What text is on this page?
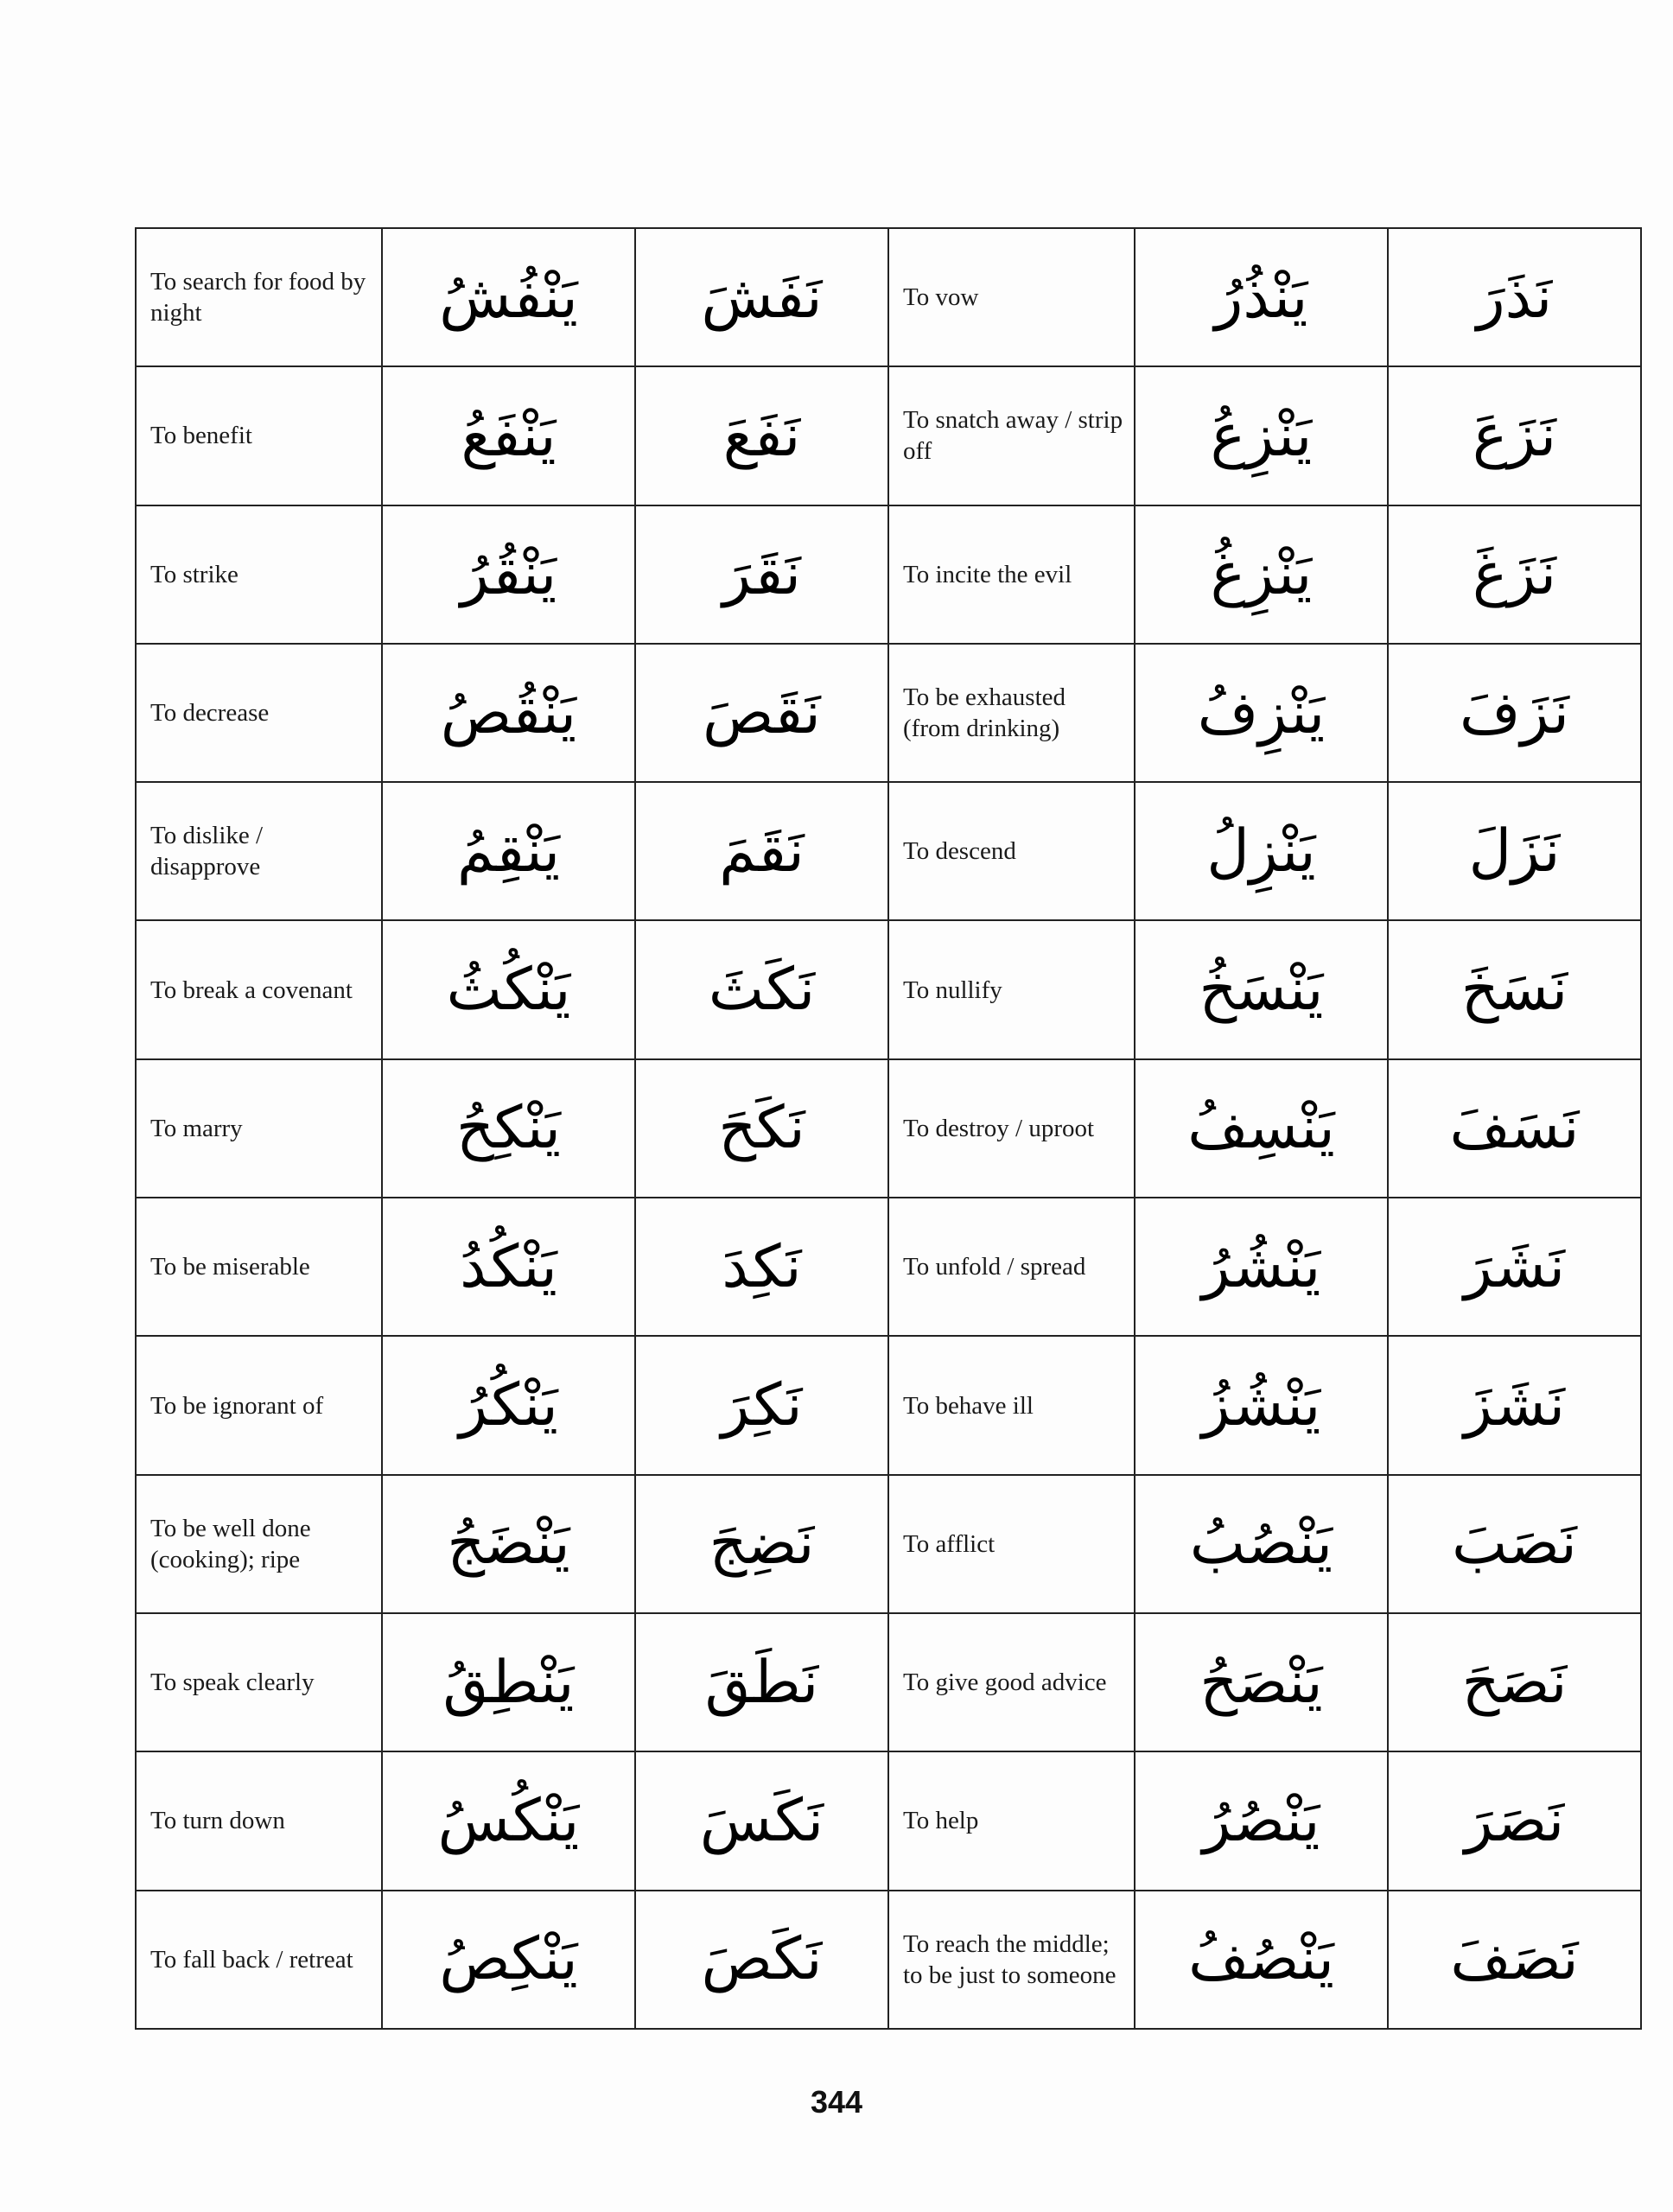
To search for food by night	يَنْفُشُ	نَفَشَ	To vow	يَنْذُرُ	نَذَرَ
To benefit	يَنْفَعُ	نَفَعَ	To snatch away / strip off	يَنْزِعُ	نَزَعَ
To strike	يَنْقُرُ	نَقَرَ	To incite the evil	يَنْزِغُ	نَزَغَ
To decrease	يَنْقُصُ	نَقَصَ	To be exhausted (from drinking)	يَنْزِفُ	نَزَفَ
To dislike / disapprove	يَنْقِمُ	نَقَمَ	To descend	يَنْزِلُ	نَزَلَ
To break a covenant	يَنْكُثُ	نَكَثَ	To nullify	يَنْسَخُ	نَسَخَ
To marry	يَنْكِحُ	نَكَحَ	To destroy / uproot	يَنْسِفُ	نَسَفَ
To be miserable	يَنْكُدُ	نَكِدَ	To unfold / spread	يَنْشُرُ	نَشَرَ
To be ignorant of	يَنْكُرُ	نَكِرَ	To behave ill	يَنْشُزُ	نَشَزَ
To be well done (cooking); ripe	يَنْضَجُ	نَضِجَ	To afflict	يَنْصُبُ	نَصَبَ
To speak clearly	يَنْطِقُ	نَطَقَ	To give good advice	يَنْصَحُ	نَصَحَ
To turn down	يَنْكُسُ	نَكَسَ	To help	يَنْصُرُ	نَصَرَ
To fall back / retreat	يَنْكِصُ	نَكَصَ	To reach the middle; to be just to someone	يَنْصُفُ	نَصَفَ
344
